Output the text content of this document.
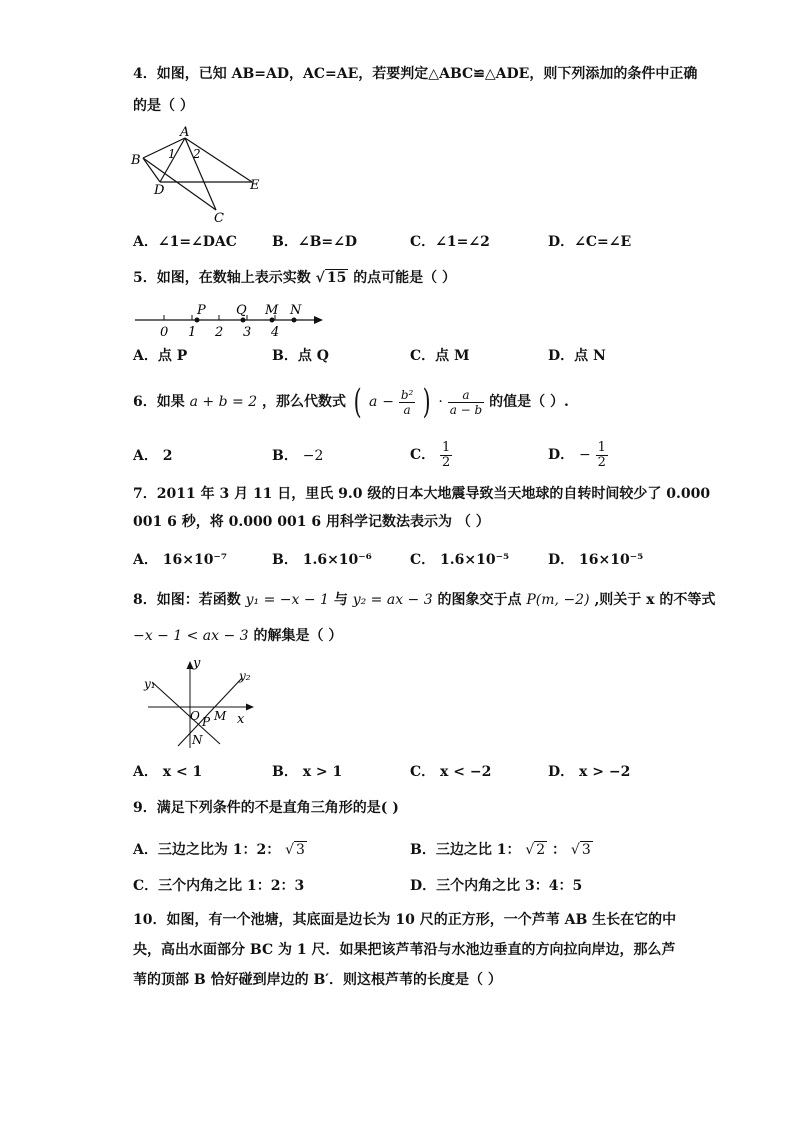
4．如图，已知 AB=AD，AC=AE，若要判定△ABC≌△ADE，则下列添加的条件中正确
的是（ ）
A
B
D	E
C
1 2
A．∠1=∠DAC	B．∠B=∠D	C．∠1=∠2	D．∠C=∠E
5．如图，在数轴上表示实数 √ 15 的点可能是（ ）
P Q M N
0 1 2 3 4
A．点 P	B．点 Q	C．点 M	D．点 N
6．如果 a + b = 2 ，那么代数式 ( $a - \frac{\text{b²}}{a}$ ) · $\frac{a}{a - b}$ 的值是（ ）.
A． 2	B． −2	C． $\frac{1}{2}$	D． − $\frac{1}{2}$
7．2011 年 3 月 11 日，里氏 9.0 级的日本大地震导致当天地球的自转时间较少了 0.000
001 6 秒，将 0.000 001 6 用科学记数法表示为 （ ）
A． 16×10⁻⁷	B． 1.6×10⁻⁶	C． 1.6×10⁻⁵	D． 16×10⁻⁵
8．如图：若函数 y₁ = −x − 1 与 y₂ = ax − 3 的图象交于点 P(m, −2) ,则关于 x 的不等式
−x − 1 < ax − 3 的解集是（ ）
y
x
y₁
y₂
O P M
N
A． x < 1	B． x > 1	C． x < −2	D． x > −2
9．满足下列条件的不是直角三角形的是( )
A．三边之比为 1：2： √ 3	B．三边之比 1： √ 2 ： √ 3
C．三个内角之比 1：2：3	D．三个内角之比 3：4：5
10．如图，有一个池塘，其底面是边长为 10 尺的正方形，一个芦苇 AB 生长在它的中
央，高出水面部分 BC 为 1 尺．如果把该芦苇沿与水池边垂直的方向拉向岸边，那么芦
苇的顶部 B 恰好碰到岸边的 B′．则这根芦苇的长度是（ ）
